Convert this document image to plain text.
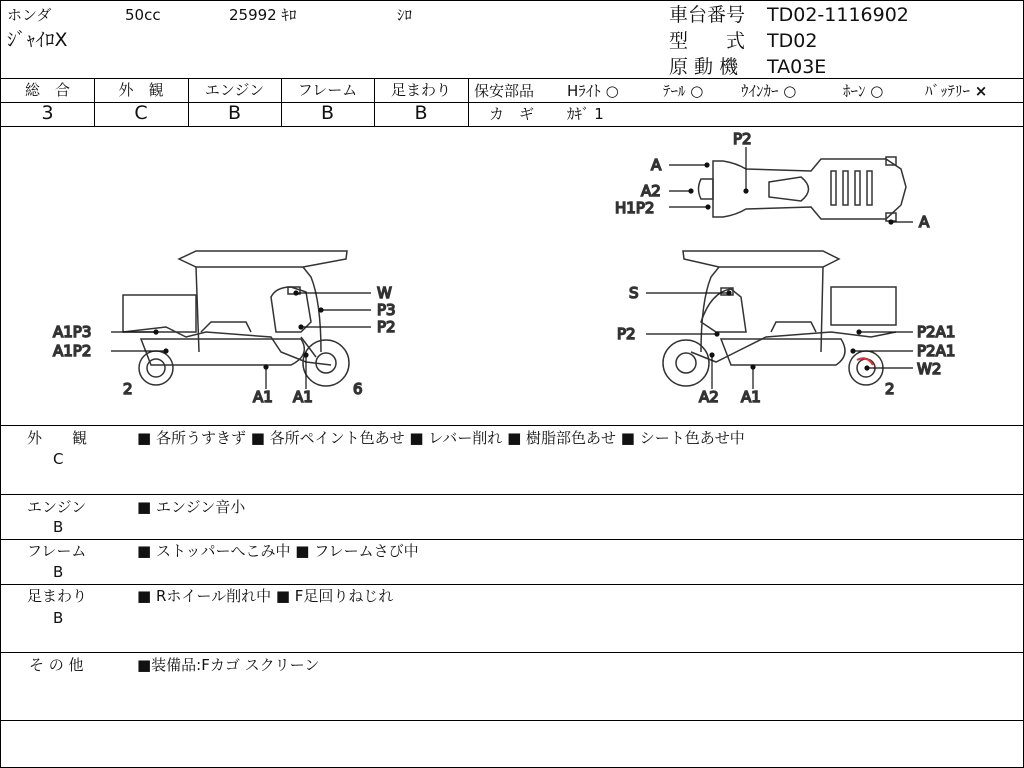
ホンダ	50cc	25992 ｷﾛ	ｼﾛ
ｼﾞｬｲﾛX
車台番号 TD02-1116902
型　　式 TD02
原 動 機 TA03E
総　合
3
外　観
C
エンジン
B
フレーム
B
足まわり
B
保安部品 Hﾗｲﾄ ○	ﾃｰﾙ ○	ｳｲﾝｶｰ ○	ﾎｰﾝ ○	ﾊﾞｯﾃﾘｰ ×
カ　ギ ｶｷﾞ 1
W
P3
P2
A1P3
A1P2
2	A1 A1	6
S
P2	P2A1
P2A1
W2
2
A2 A1
P2
A
A2
H1P2
A
外　　観
C
■ 各所うすきず ■ 各所ペイント色あせ ■ レバー削れ ■ 樹脂部色あせ ■ シート色あせ中
エンジン
B
■ エンジン音小
フレーム
B
■ ストッパーへこみ中 ■ フレームさび中
足まわり
B
■ Rホイール削れ中 ■ F足回りねじれ
そ の 他	■装備品:Fカゴ スクリーン
